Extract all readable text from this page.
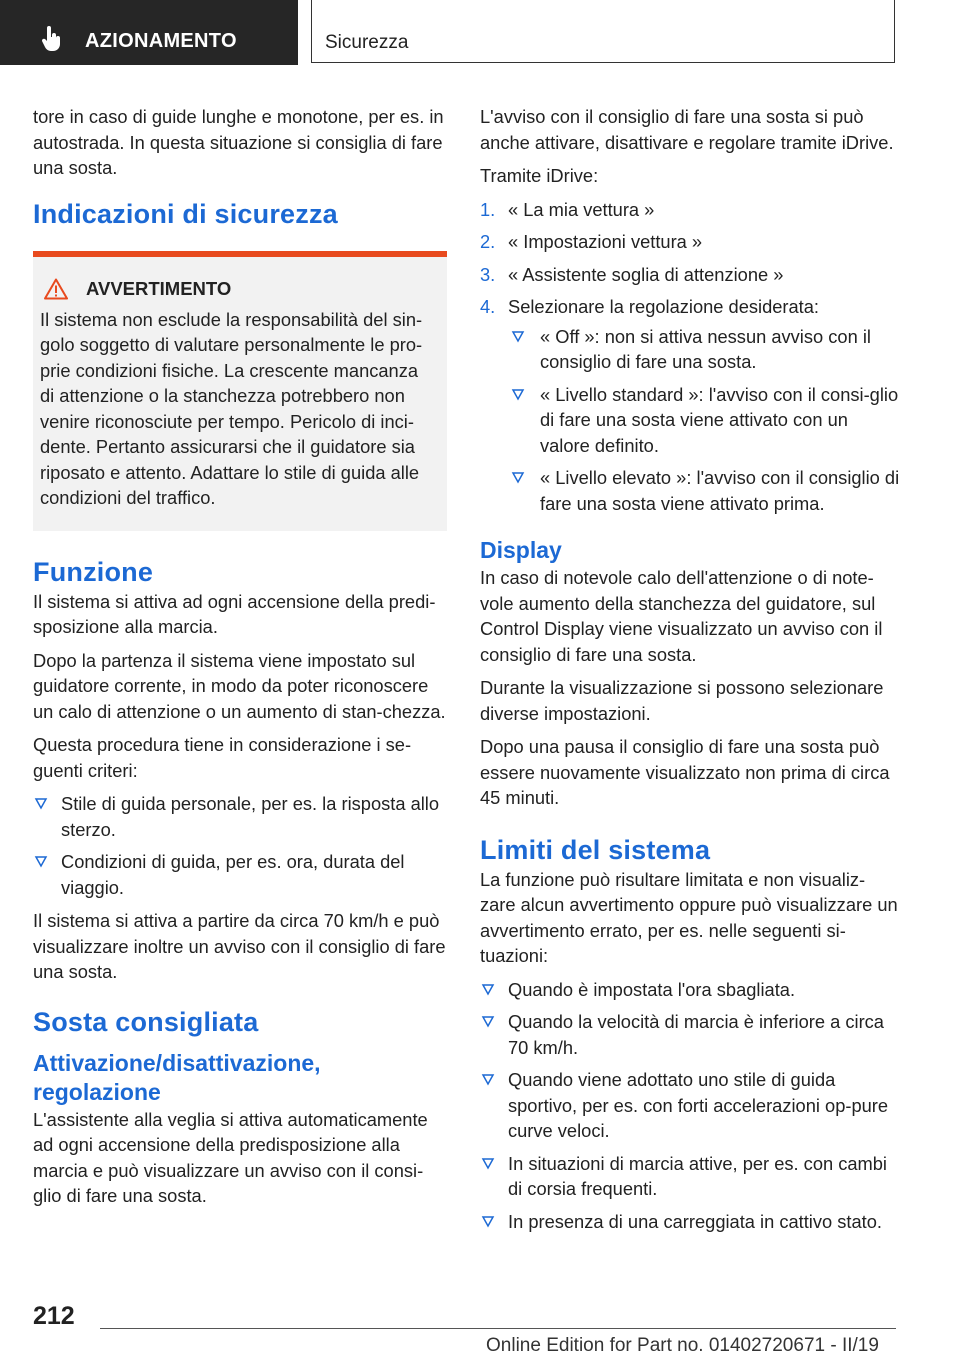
AZIONAMENTO	Sicurezza

tore in caso di guide lunghe e monotone, per es. in autostrada. In questa situazione si consiglia di fare una sosta.

Indicazioni di sicurezza
AVVERTIMENTO

Il sistema non esclude la responsabilità del sin-golo soggetto di valutare personalmente le pro-prie condizioni fisiche. La crescente mancanza di attenzione o la stanchezza potrebbero non venire riconosciute per tempo. Pericolo di inci-dente. Pertanto assicurarsi che il guidatore sia riposato e attento. Adattare lo stile di guida alle condizioni del traffico.

Funzione

Il sistema si attiva ad ogni accensione della predi-sposizione alla marcia.

Dopo la partenza il sistema viene impostato sul guidatore corrente, in modo da poter riconoscere un calo di attenzione o un aumento di stan-chezza.

Questa procedura tiene in considerazione i se-guenti criteri:

Stile di guida personale, per es. la risposta allo sterzo.
Condizioni di guida, per es. ora, durata del viaggio.

Il sistema si attiva a partire da circa 70 km/h e può visualizzare inoltre un avviso con il consiglio di fare una sosta.

Sosta consigliata
Attivazione/disattivazione, regolazione

L'assistente alla veglia si attiva automaticamente ad ogni accensione della predisposizione alla marcia e può visualizzare un avviso con il consi-glio di fare una sosta.

L'avviso con il consiglio di fare una sosta si può anche attivare, disattivare e regolare tramite iDrive.

Tramite iDrive:

1. « La mia vettura »
2. « Impostazioni vettura »
3. « Assistente soglia di attenzione »
4. Selezionare la regolazione desiderata:
« Off »: non si attiva nessun avviso con il consiglio di fare una sosta.
« Livello standard »: l'avviso con il consi-glio di fare una sosta viene attivato con un valore definito.
« Livello elevato »: l'avviso con il consiglio di fare una sosta viene attivato prima.
Display

In caso di notevole calo dell'attenzione o di note-vole aumento della stanchezza del guidatore, sul Control Display viene visualizzato un avviso con il consiglio di fare una sosta.

Durante la visualizzazione si possono selezionare diverse impostazioni.

Dopo una pausa il consiglio di fare una sosta può essere nuovamente visualizzato non prima di circa 45 minuti.

Limiti del sistema

La funzione può risultare limitata e non visualiz-zare alcun avvertimento oppure può visualizzare un avvertimento errato, per es. nelle seguenti si-tuazioni:

Quando è impostata l'ora sbagliata.
Quando la velocità di marcia è inferiore a circa 70 km/h.
Quando viene adottato uno stile di guida sportivo, per es. con forti accelerazioni op-pure curve veloci.
In situazioni di marcia attive, per es. con cambi di corsia frequenti.
In presenza di una carreggiata in cattivo stato.
212
Online Edition for Part no. 01402720671 - II/19
